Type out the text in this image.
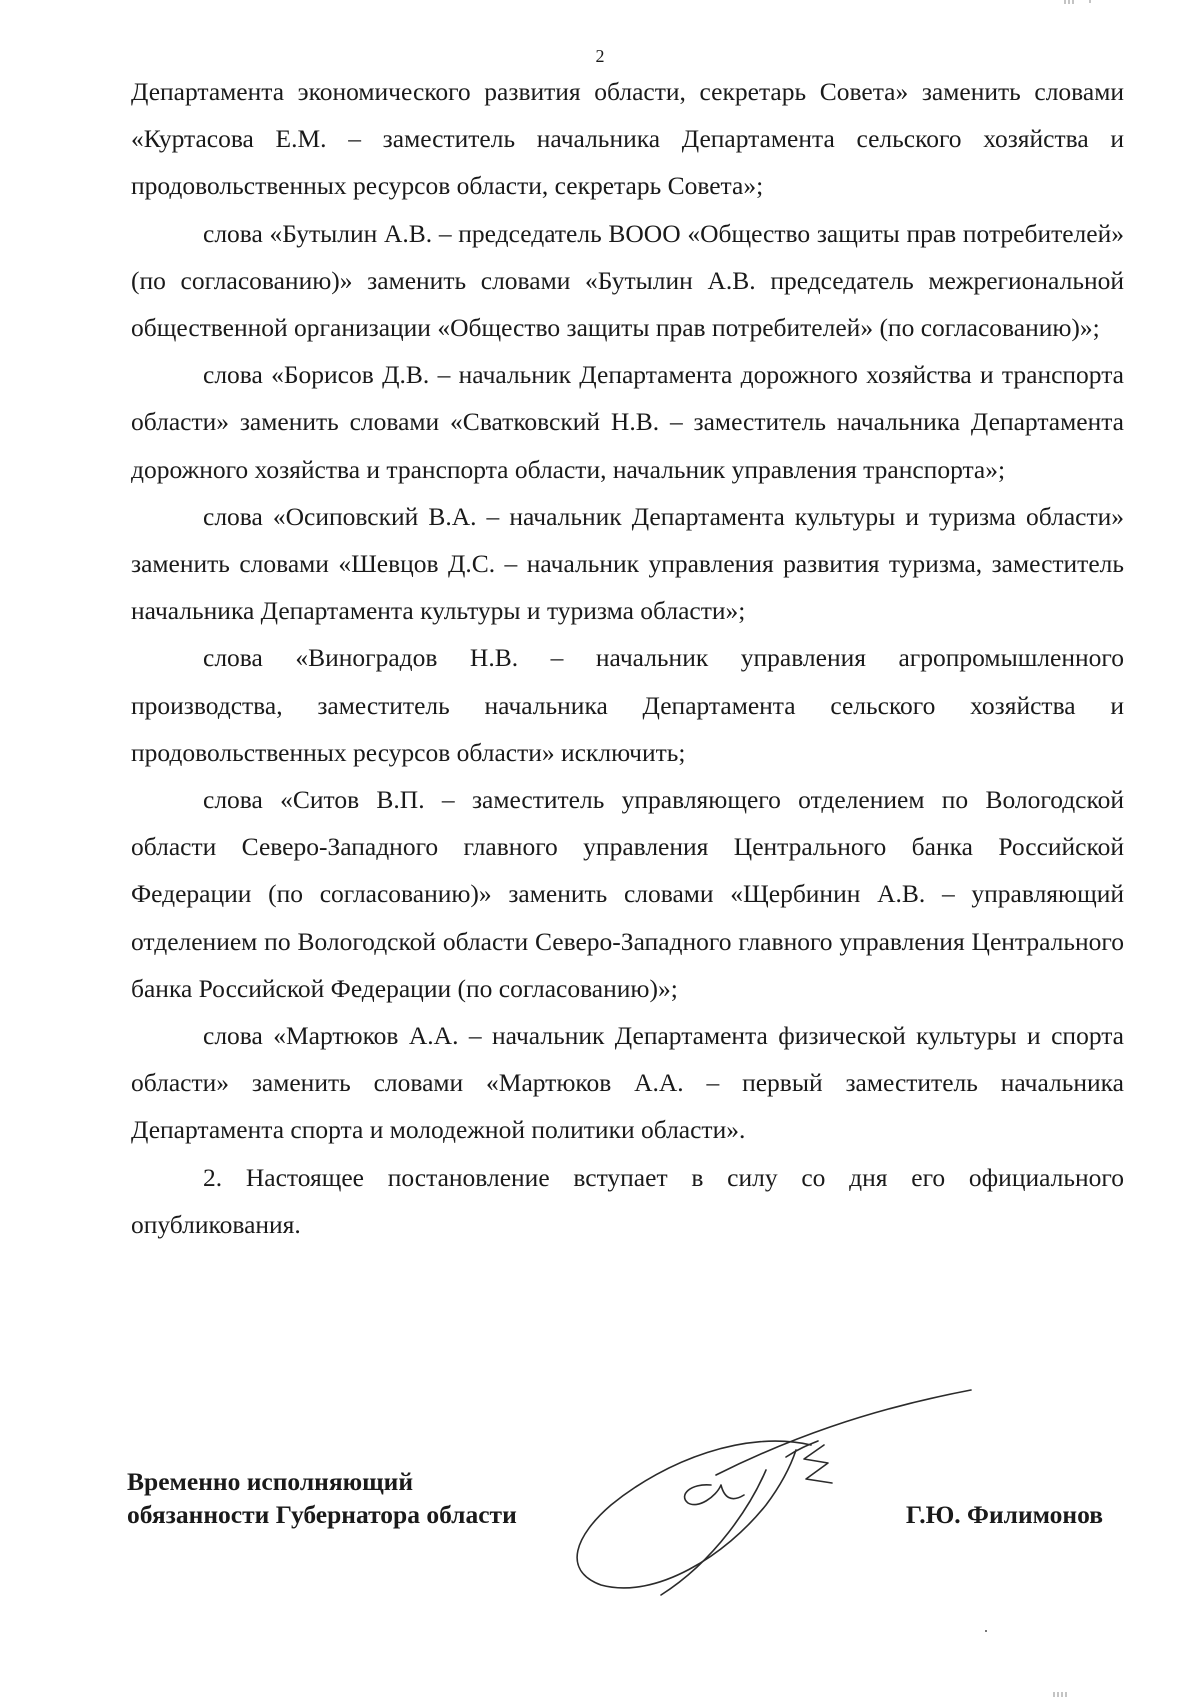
2

Департамента экономического развития области, секретарь Совета» заменить словами «Куртасова Е.М. – заместитель начальника Департамента сельского хозяйства и продовольственных ресурсов области, секретарь Совета»;

слова «Бутылин А.В. – председатель ВООО «Общество защиты прав потребителей» (по согласованию)» заменить словами «Бутылин А.В. председатель межрегиональной общественной организации «Общество защиты прав потребителей» (по согласованию)»;

слова «Борисов Д.В. – начальник Департамента дорожного хозяйства и транспорта области» заменить словами «Сватковский Н.В. – заместитель начальника Департамента дорожного хозяйства и транспорта области, начальник управления транспорта»;

слова «Осиповский В.А. – начальник Департамента культуры и туризма области» заменить словами «Шевцов Д.С. – начальник управления развития туризма, заместитель начальника Департамента культуры и туризма области»;

слова «Виноградов Н.В. – начальник управления агропромышленного производства, заместитель начальника Департамента сельского хозяйства и продовольственных ресурсов области» исключить;

слова «Ситов В.П. – заместитель управляющего отделением по Вологодской области Северо-Западного главного управления Центрального банка Российской Федерации (по согласованию)» заменить словами «Щербинин А.В. – управляющий отделением по Вологодской области Северо-Западного главного управления Центрального банка Российской Федерации (по согласованию)»;

слова «Мартюков А.А. – начальник Департамента физической культуры и спорта области» заменить словами «Мартюков А.А. – первый заместитель начальника Департамента спорта и молодежной политики области».

2. Настоящее постановление вступает в силу со дня его официального опубликования.

Временно исполняющий
обязанности Губернатора области	Г.Ю. Филимонов
